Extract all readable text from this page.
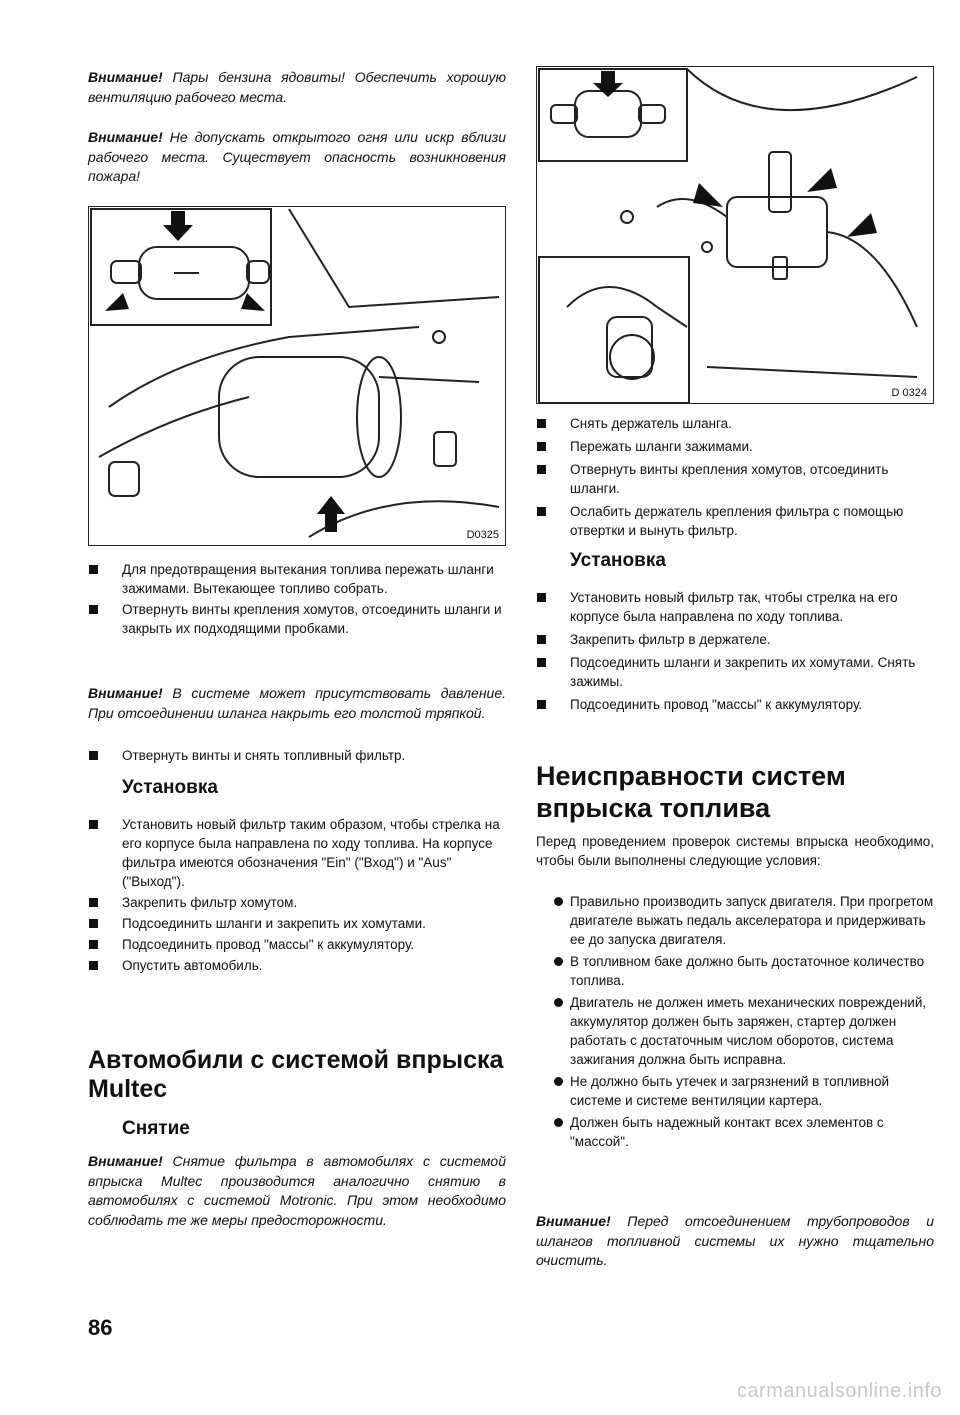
Внимание! Пары бензина ядовиты! Обеспечить хорошую вентиляцию рабочего места.

Внимание! Не допускать открытого огня или искр вблизи рабочего места. Существует опасность возникновения пожара!

D0325

Для предотвращения вытекания топлива пережать шланги зажимами. Вытекающее топливо собрать.

Отвернуть винты крепления хомутов, отсоединить шланги и закрыть их подходящими пробками.

Внимание! В системе может присутствовать давление. При отсоединении шланга накрыть его толстой тряпкой.

Отвернуть винты и снять топливный фильтр.

Установка

Установить новый фильтр таким образом, чтобы стрелка на его корпусе была направлена по ходу топлива. На корпусе фильтра имеются обозначения "Ein" ("Вход") и "Aus" ("Выход").

Закрепить фильтр хомутом.

Подсоединить шланги и закрепить их хомутами.

Подсоединить провод "массы" к аккумулятору.

Опустить автомобиль.

Автомобили с системой впрыска Multec

Снятие

Внимание! Снятие фильтра в автомобилях с системой впрыска Multec производится аналогично снятию в автомобилях с системой Motronic. При этом необходимо соблюдать те же меры предосторожности.

86
D 0324

Снять держатель шланга.

Пережать шланги зажимами.

Отвернуть винты крепления хомутов, отсоединить шланги.

Ослабить держатель крепления фильтра с помощью отвертки и вынуть фильтр.

Установка

Установить новый фильтр так, чтобы стрелка на его корпусе была направлена по ходу топлива.

Закрепить фильтр в держателе.

Подсоединить шланги и закрепить их хомутами. Снять зажимы.

Подсоединить провод "массы" к аккумулятору.

Неисправности систем впрыска топлива

Перед проведением проверок системы впрыска необходимо, чтобы были выполнены следующие условия:

Правильно производить запуск двигателя. При прогретом двигателе выжать педаль акселератора и придерживать ее до запуска двигателя.

В топливном баке должно быть достаточное количество топлива.

Двигатель не должен иметь механических повреждений, аккумулятор должен быть заряжен, стартер должен работать с достаточным числом оборотов, система зажигания должна быть исправна.

Не должно быть утечек и загрязнений в топливной системе и системе вентиляции картера.

Должен быть надежный контакт всех элементов с "массой".

Внимание! Перед отсоединением трубопроводов и шлангов топливной системы их нужно тщательно очистить.

carmanualsonline.info
